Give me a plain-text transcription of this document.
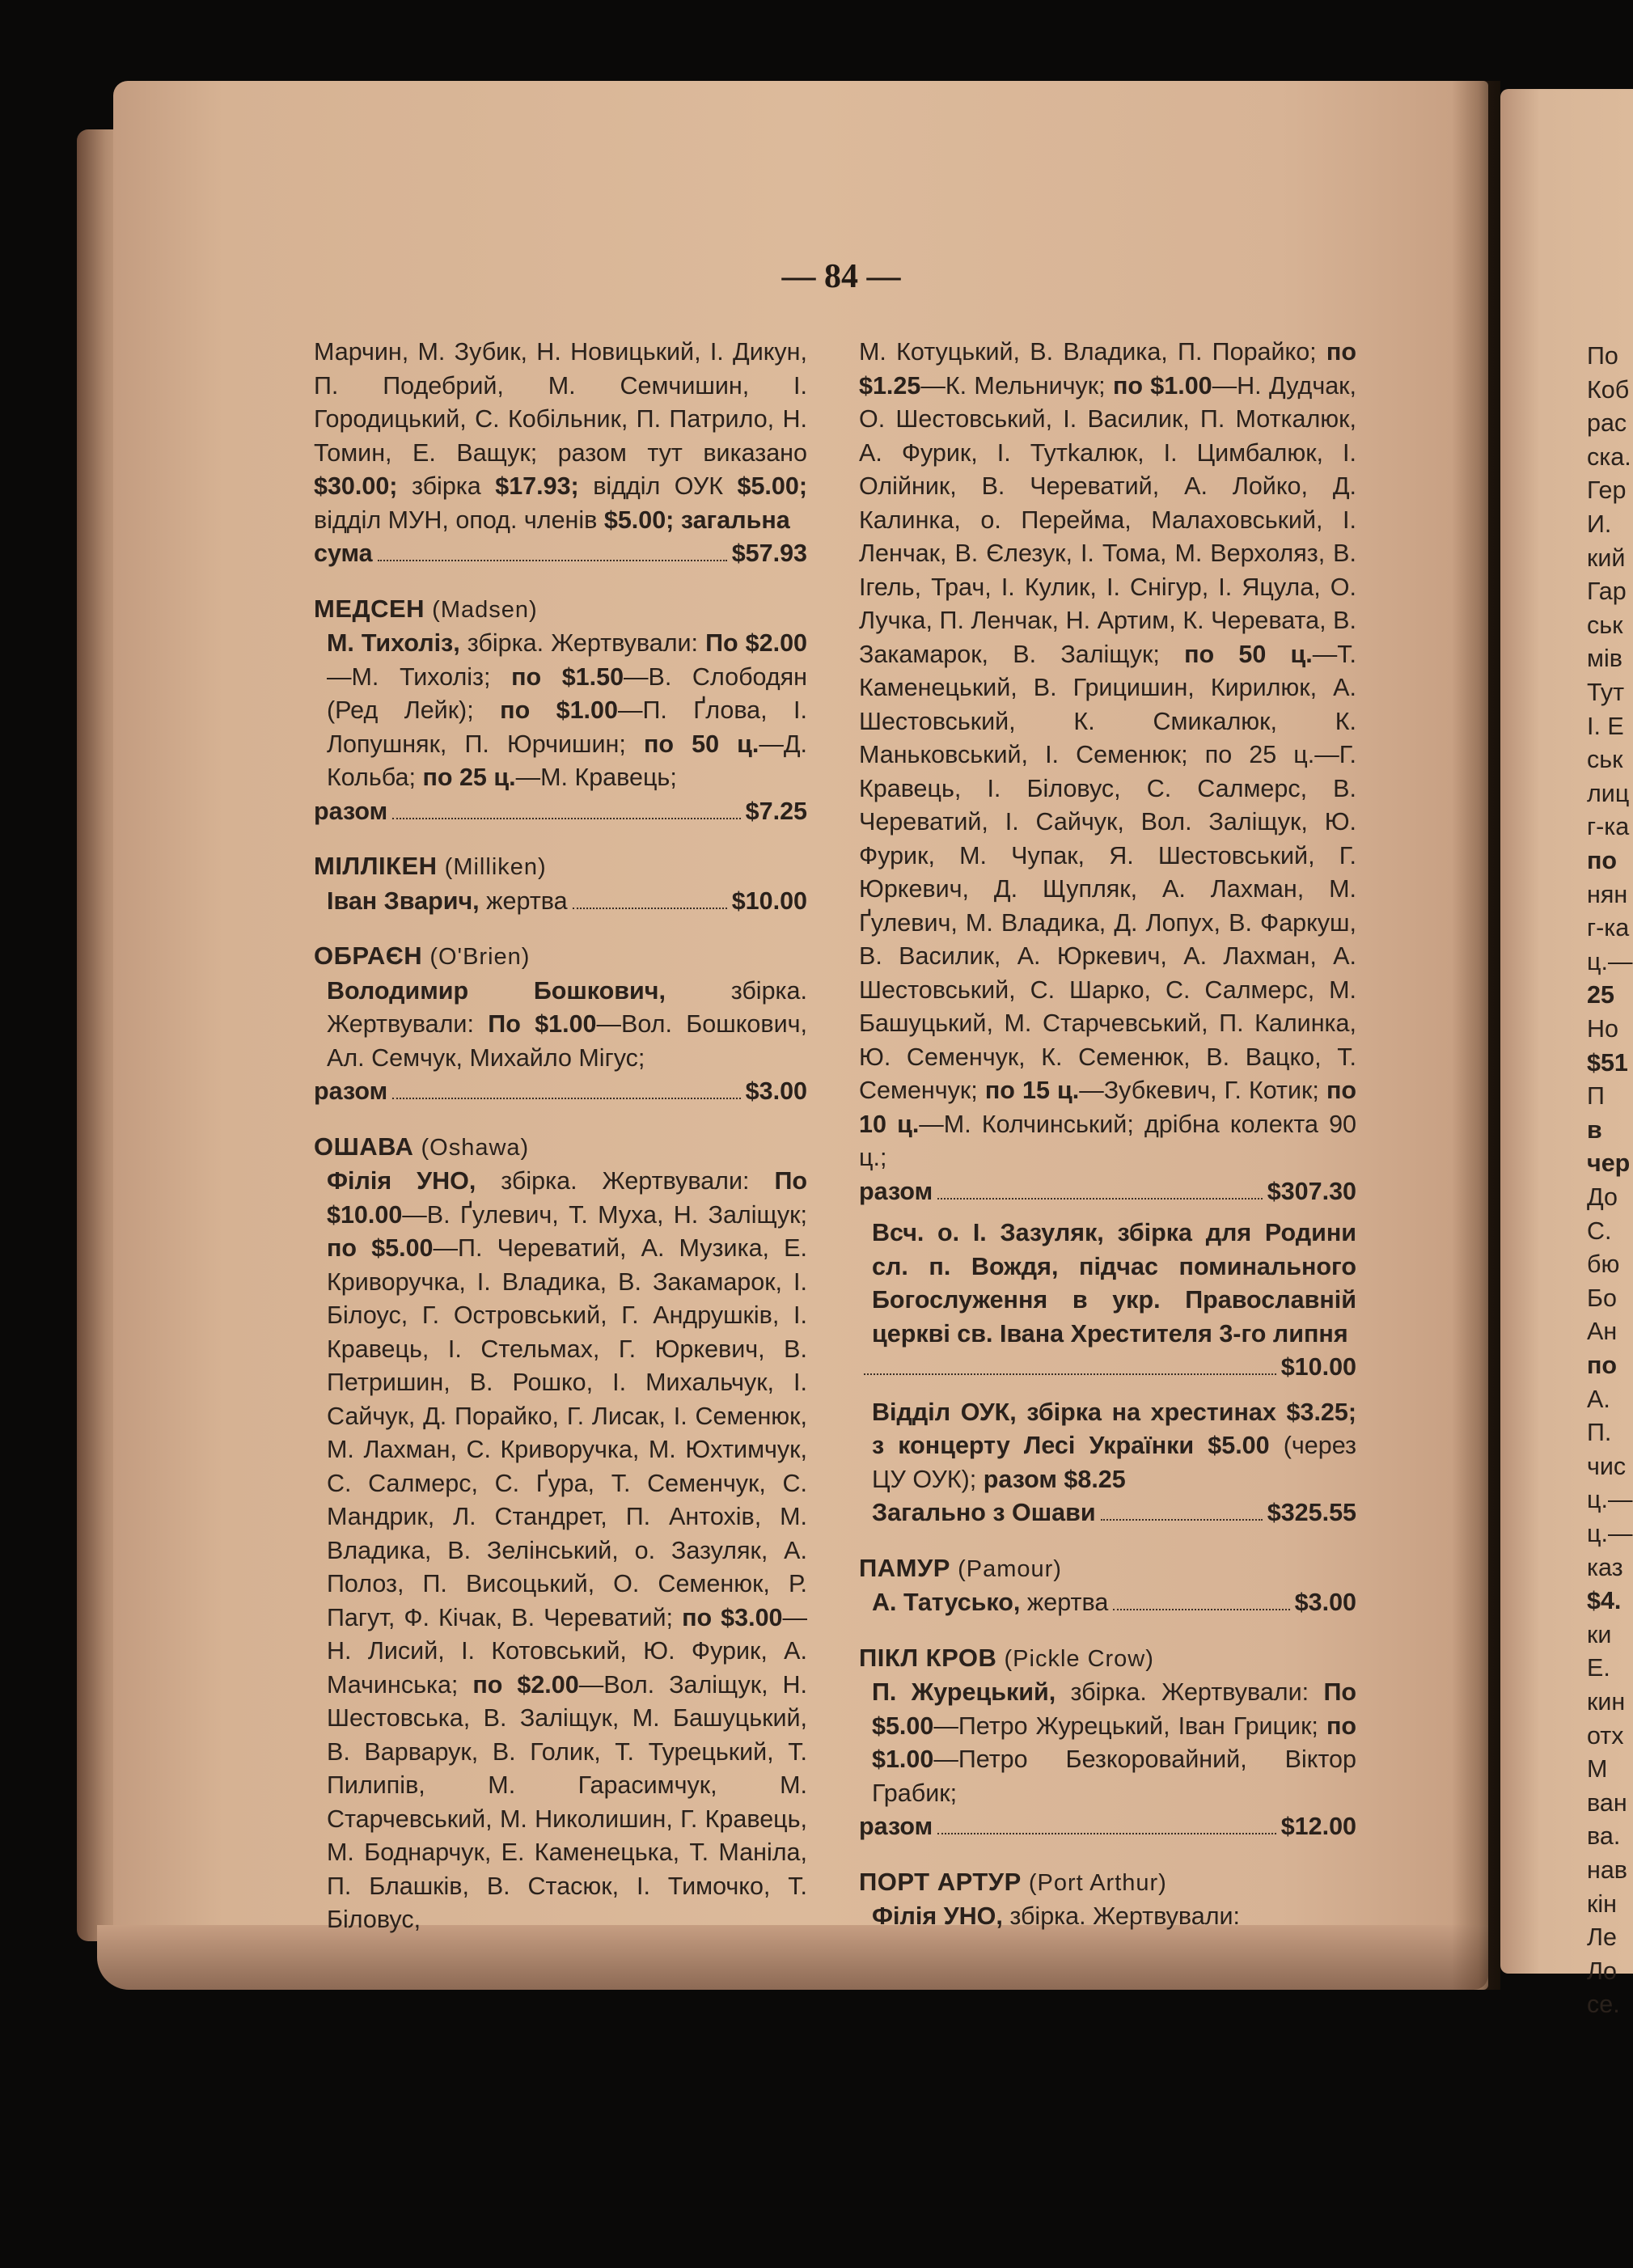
— 84 —

Марчин, М. Зубик, Н. Новицький, І. Дикун, П. Подебрий, М. Семчишин, І. Городицький, С. Кобільник, П. Патрило, Н. Томин, Е. Ващук; разом тут виказано $30.00; збірка $17.93; відділ ОУК $5.00; відділ МУН, опод. членів $5.00; загальна

сума	$57.93
МЕДСЕН (Madsen)

М. Тихоліз, збірка. Жертвували: По $2.00—М. Тихоліз; по $1.50—В. Слободян (Ред Лейк); по $1.00—П. Ґлова, І. Лопушняк, П. Юрчишин; по 50 ц.—Д. Кольба; по 25 ц.—М. Кравець;

разом	$7.25
МІЛЛІКЕН (Milliken)
Іван Зварич, жертва	$10.00
ОБРАЄН (O'Brien)

Володимир Бошкович,	збірка. Жертвували: По $1.00—Вол. Бошкович, Ал. Семчук, Михайло Мігус;

разом	$3.00
ОШАВА (Oshawa)

Філія УНО, збірка. Жертвували: По $10.00—В. Ґулевич, Т. Муха, Н. Заліщук; по $5.00—П. Череватий, А. Музика, Е. Криворучка, І. Владика, В. Закамарок, І. Білоус, Г. Островський, Г. Андрушків, І. Кравець, І. Стельмах, Г. Юркевич, В. Петришин, В. Рошко, І. Михальчук, І. Сайчук, Д. Порайко, Г. Лисак, І. Семенюк, М. Лахман, С. Криворучка, М. Юхтимчук, С. Салмерс, С. Ґура, Т. Семенчук, С. Мандрик, Л. Стандрет, П. Антохів, М. Владика, В. Зелінський, о. Зазуляк, А. Полоз, П. Висоцький, О. Семенюк, Р. Пагут, Ф. Кічак, В. Череватий; по $3.00—Н. Лисий, І. Котовський, Ю. Фурик, А. Мачинська; по $2.00—Вол. Заліщук, Н. Шестовська, В. Заліщук, М. Башуцький, В. Варварук, В. Голик, Т. Турецький, Т. Пилипів, М. Гарасимчук, М. Старчевський, М. Николишин, Г. Кравець, М. Боднарчук, Е. Каменецька, Т. Маніла, П. Блашків, В. Стасюк, І. Тимочко, Т. Біловус,

М. Котуцький, В. Владика, П. Порайко; по $1.25—К. Мельничук; по $1.00—Н. Дудчак, О. Шестовський, І. Василик, П. Моткалюк, А. Фурик, І. Тутkалюк, І. Цимбалюк, І. Олійник, В. Череватий, А. Лойко, Д. Калинка, о. Перейма, Малаховський, І. Ленчак, В. Єлезук, І. Тома, М. Верхоляз, В. Ігель, Трач, І. Кулик, І. Снігур, І. Яцула, О. Лучка, П. Ленчак, Н. Артим, К. Черевата, В. Закамарок, В. Заліщук; по 50 ц.—Т. Каменецький, В. Грицишин, Кирилюк, А. Шестовський, К. Смикалюк, К. Маньковський, І. Семенюк; по 25 ц.—Г. Кравець, І. Біловус, С. Салмерс, В. Череватий, І. Сайчук, Вол. Заліщук, Ю. Фурик, М. Чупак, Я. Шестовський, Г. Юркевич, Д. Щупляк, А. Лахман, М. Ґулевич, М. Владика, Д. Лопух, В. Фаркуш, В. Василик, А. Юркевич, А. Лахман, А. Шестовський, С. Шарко, С. Салмерс, М. Башуцький, М. Старчевський, П. Калинка, Ю. Семенчук, К. Семенюк, В. Вацко, Т. Семенчук; по 15 ц.—Зубкевич, Г. Котик; по 10 ц.—М. Колчинський; дрібна колекта 90 ц.;

разом	$307.30

Всч. о. І. Зазуляк, збірка для Родини сл. п. Вождя, підчас поминального Богослуження в укр. Православній церкві св. Івана Хрестителя 3-го липня

$10.00

Відділ ОУК, збірка на хрестинах $3.25; з концерту Лесі Українки $5.00 (через ЦУ ОУК); разом $8.25

Загально з Ошави	$325.55
ПАМУР (Pamour)
А. Татусько, жертва	$3.00
ПІКЛ КРОВ (Pickle Crow)

П. Журецький, збірка. Жертвували: По $5.00—Петро Журецький, Іван Грицик; по $1.00—Петро Безкоровайний, Віктор Грабик;

разом	$12.00
ПОРТ АРТУР (Port Arthur)

Філія УНО, збірка. Жертвували:

По
Коб
рас
ска.
Гер
И.
кий
Гар
ськ
мів
Тут
І. Е
ськ
лиц
г-ка
по
нян
г-ка
ц.—
25
Но
$51
П
в
чер
До
С.
бю
Бо
Ан
по
А.
П.
чис
ц.—
ц.—
каз
$4.
ки
Е.
кин
отх
М
ван
ва.
нав
кін
Ле
Ло
се.
